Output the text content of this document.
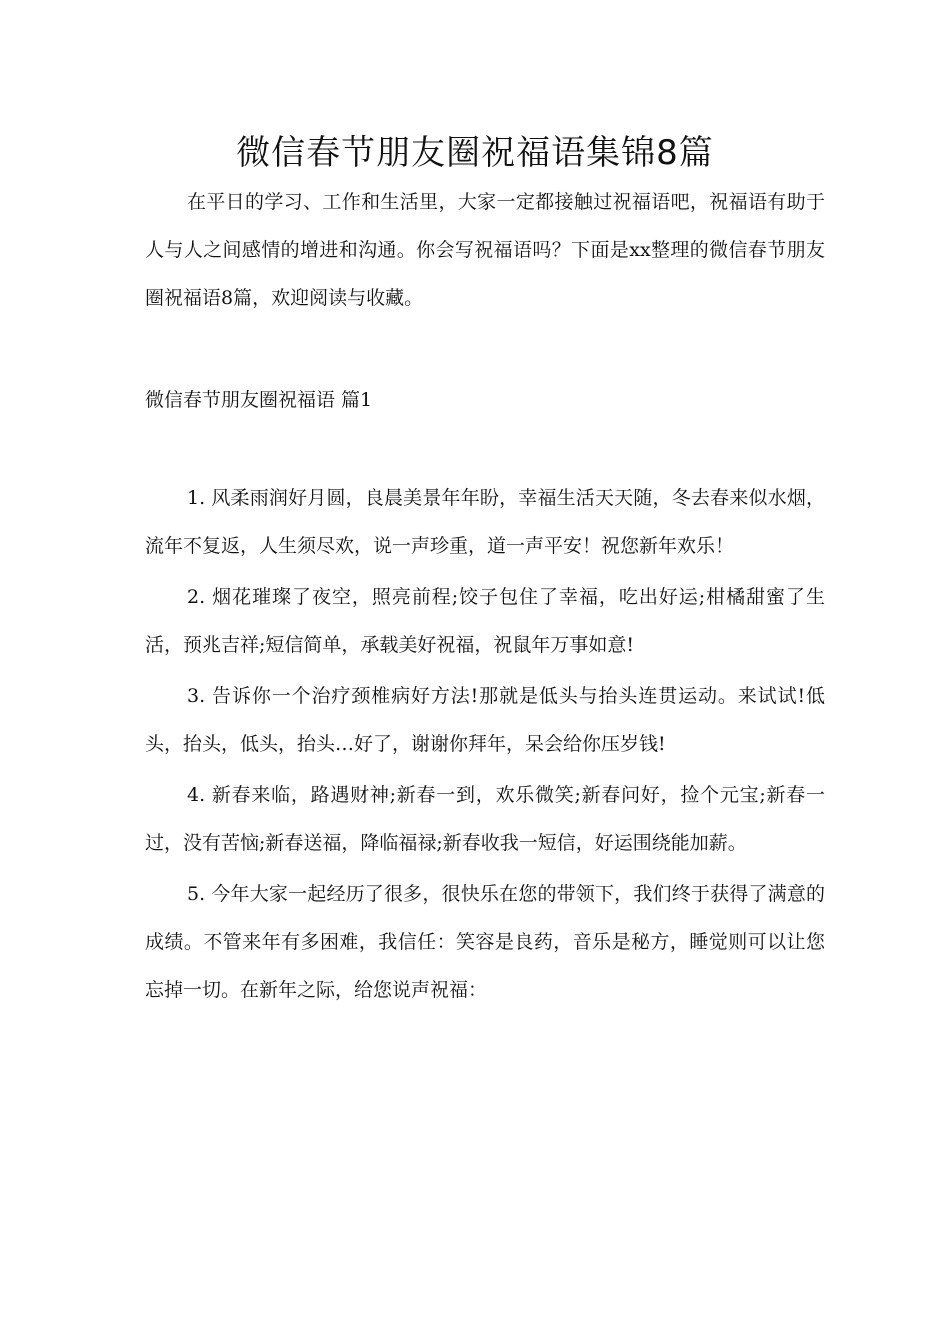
微信春节朋友圈祝福语集锦8篇

在平日的学习、工作和生活里，大家一定都接触过祝福语吧，祝福语有助于人与人之间感情的增进和沟通。你会写祝福语吗？下面是xx整理的微信春节朋友圈祝福语8篇，欢迎阅读与收藏。

微信春节朋友圈祝福语 篇1

1. 风柔雨润好月圆，良晨美景年年盼，幸福生活天天随，冬去春来似水烟，流年不复返，人生须尽欢，说一声珍重，道一声平安！祝您新年欢乐！
2. 烟花璀璨了夜空，照亮前程;饺子包住了幸福，吃出好运;柑橘甜蜜了生活，预兆吉祥;短信简单，承载美好祝福，祝鼠年万事如意!
3. 告诉你一个治疗颈椎病好方法!那就是低头与抬头连贯运动。来试试!低头，抬头，低头，抬头…好了，谢谢你拜年，呆会给你压岁钱!
4. 新春来临，路遇财神;新春一到，欢乐微笑;新春问好，捡个元宝;新春一过，没有苦恼;新春送福，降临福禄;新春收我一短信，好运围绕能加薪。
5. 今年大家一起经历了很多，很快乐在您的带领下，我们终于获得了满意的成绩。不管来年有多困难，我信任：笑容是良药，音乐是秘方，睡觉则可以让您忘掉一切。在新年之际，给您说声祝福：
